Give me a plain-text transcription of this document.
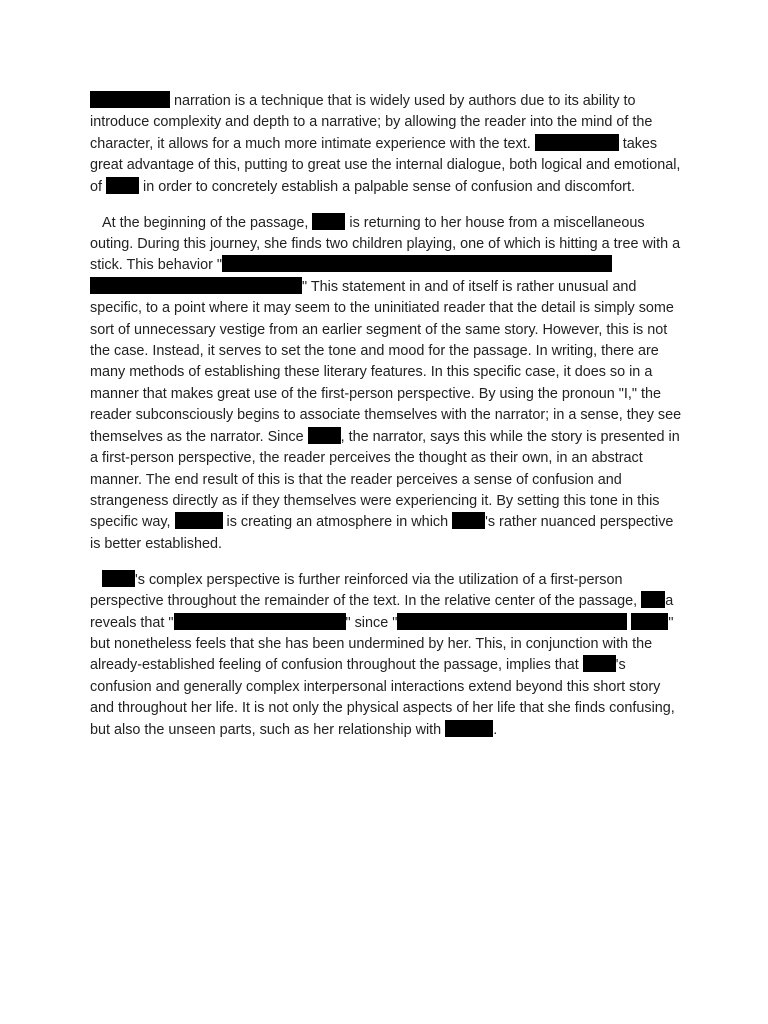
narration is a technique that is widely used by authors due to its ability to introduce complexity and depth to a narrative; by allowing the reader into the mind of the character, it allows for a much more intimate experience with the text.	takes great advantage of this, putting to great use the internal dialogue, both logical and emotional, of  in order to concretely establish a palpable sense of confusion and discomfort.

At the beginning of the passage,  is returning to her house from a miscellaneous outing. During this journey, she finds two children playing, one of which is hitting a tree with a stick. This behavior " " This statement in and of itself is rather unusual and specific, to a point where it may seem to the uninitiated reader that the detail is simply some sort of unnecessary vestige from an earlier segment of the same story. However, this is not the case. Instead, it serves to set the tone and mood for the passage. In writing, there are many methods of establishing these literary features. In this specific case, it does so in a manner that makes great use of the first-person perspective. By using the pronoun "I," the reader subconsciously begins to associate themselves with the narrator; in a sense, they see themselves as the narrator. Since , the narrator, says this while the story is presented in a first-person perspective, the reader perceives the thought as their own, in an abstract manner. The end result of this is that the reader perceives a sense of confusion and strangeness directly as if they themselves were experiencing it. By setting this tone in this specific way,	is creating an atmosphere in which 's rather nuanced perspective is better established.

's complex perspective is further reinforced via the utilization of a first-person perspective throughout the remainder of the text. In the relative center of the passage, a reveals that "	" since "	" but nonetheless feels that she has been undermined by her. This, in conjunction with the already-established feeling of confusion throughout the passage, implies that 's confusion and generally complex interpersonal interactions extend beyond this short story and throughout her life. It is not only the physical aspects of her life that she finds confusing, but also the unseen parts, such as her relationship with	.
